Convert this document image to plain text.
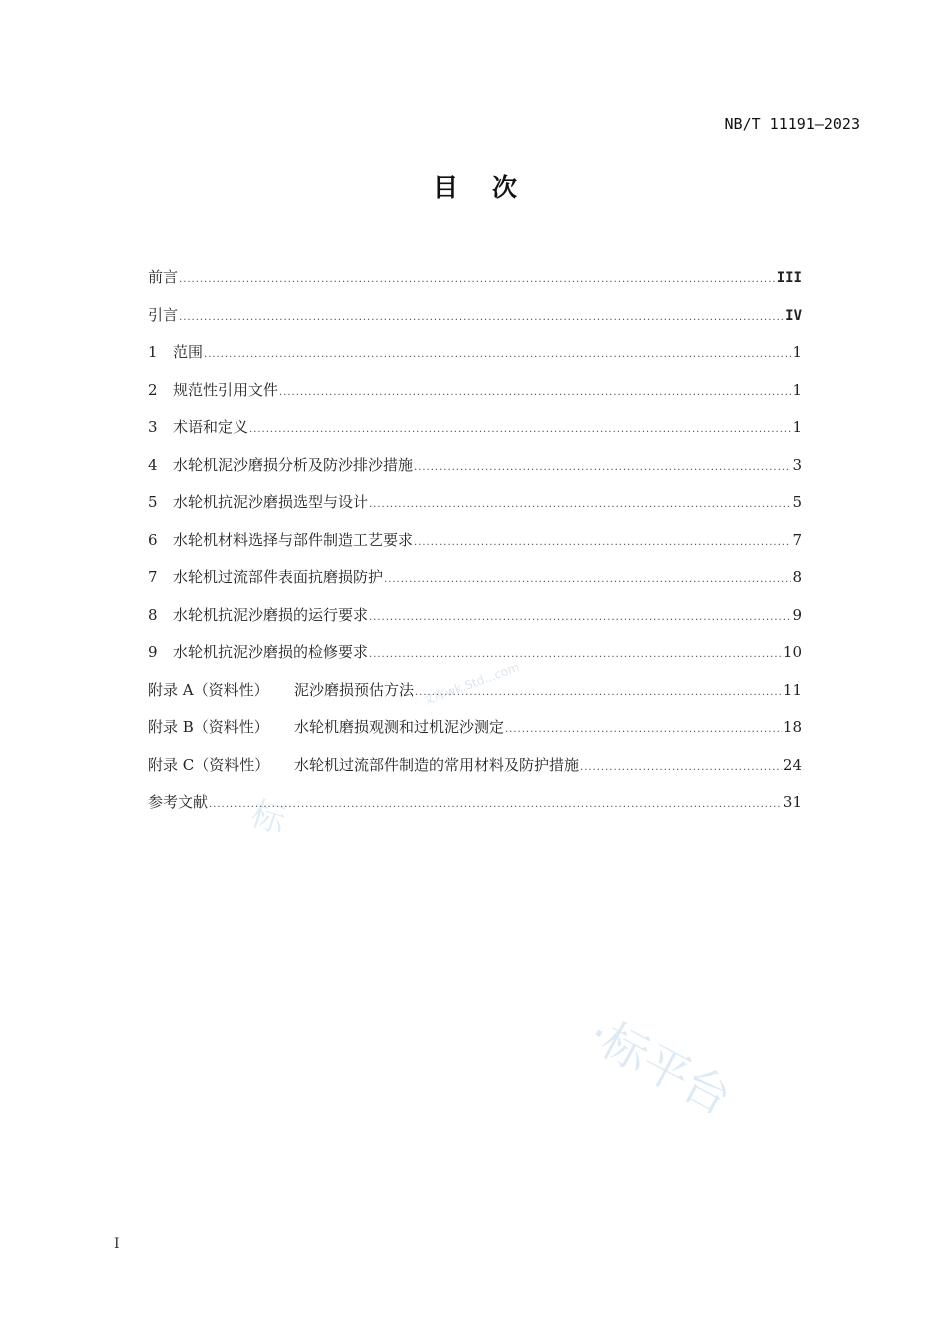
NB/T 11191—2023
目次
前言 .....	III
引言 .....	IV
1	范围 .....	1
2	规范性引用文件 .....	1
3	术语和定义 .....	1
4	水轮机泥沙磨损分析及防沙排沙措施 .....	3
5	水轮机抗泥沙磨损选型与设计 .....	5
6	水轮机材料选择与部件制造工艺要求 .....	7
7	水轮机过流部件表面抗磨损防护 .....	8
8	水轮机抗泥沙磨损的运行要求 .....	9
9	水轮机抗泥沙磨损的检修要求 .....	10
附录 A（资料性）	泥沙磨损预估方法 .....	11
附录 B（资料性）	水轮机磨损观测和过机泥沙测定 .....	18
附录 C（资料性）	水轮机过流部件制造的常用材料及防护措施 .....	24
参考文献 .....	31
I
文库wk.Std...com
标
·标平台
